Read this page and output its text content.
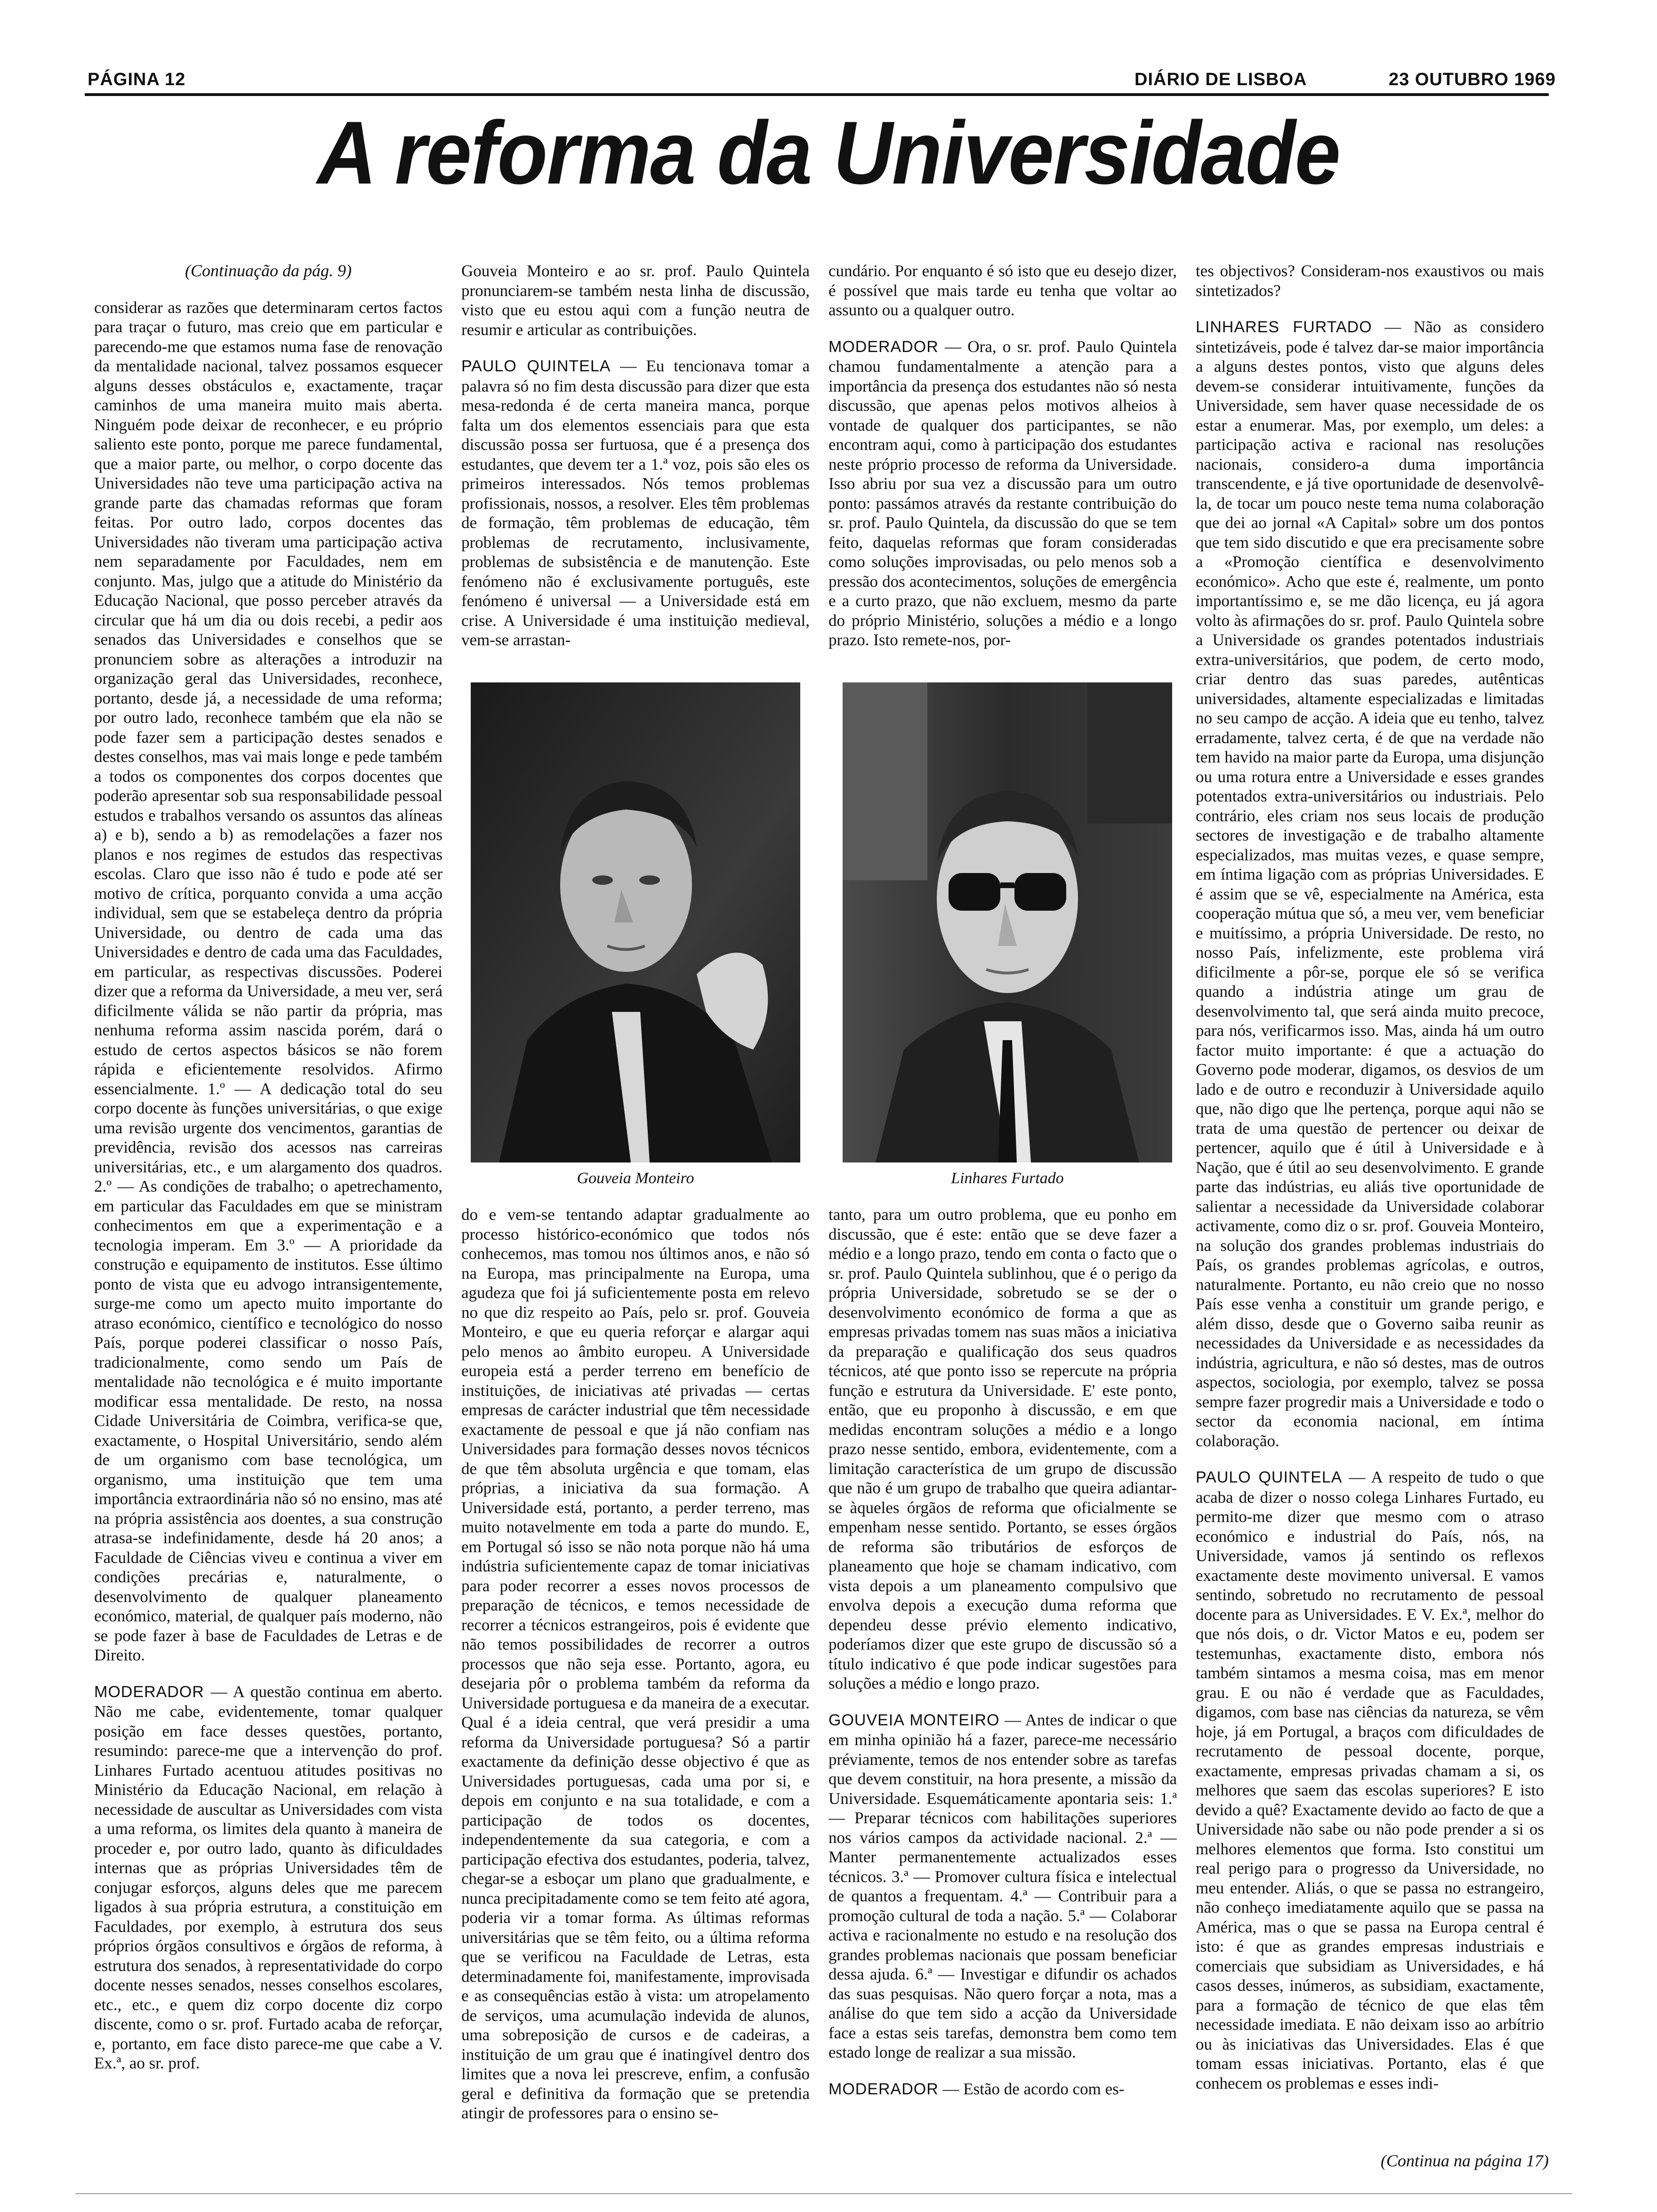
PÁGINA 12	DIÁRIO DE LISBOA	23 OUTUBRO 1969
A reforma da Universidade

(Continuação da pág. 9)

considerar as razões que determinaram certos factos para traçar o futuro, mas creio que em particular e parecendo-me que estamos numa fase de renovação da mentalidade nacional, talvez possamos esquecer alguns desses obstáculos e, exactamente, traçar caminhos de uma maneira muito mais aberta. Ninguém pode deixar de reconhecer, e eu próprio saliento este ponto, porque me parece fundamental, que a maior parte, ou melhor, o corpo docente das Universidades não teve uma participação activa na grande parte das chamadas reformas que foram feitas. Por outro lado, corpos docentes das Universidades não tiveram uma participação activa nem separadamente por Faculdades, nem em conjunto. Mas, julgo que a atitude do Ministério da Educação Nacional, que posso perceber através da circular que há um dia ou dois recebi, a pedir aos senados das Universidades e conselhos que se pronunciem sobre as alterações a introduzir na organização geral das Universidades, reconhece, portanto, desde já, a necessidade de uma reforma; por outro lado, reconhece também que ela não se pode fazer sem a participação destes senados e destes conselhos, mas vai mais longe e pede também a todos os componentes dos corpos docentes que poderão apresentar sob sua responsabilidade pessoal estudos e trabalhos versando os assuntos das alíneas a) e b), sendo a b) as remodelações a fazer nos planos e nos regimes de estudos das respectivas escolas. Claro que isso não é tudo e pode até ser motivo de crítica, porquanto convida a uma acção individual, sem que se estabeleça dentro da própria Universidade, ou dentro de cada uma das Universidades e dentro de cada uma das Faculdades, em particular, as respectivas discussões. Poderei dizer que a reforma da Universidade, a meu ver, será dificilmente válida se não partir da própria, mas nenhuma reforma assim nascida porém, dará o estudo de certos aspectos básicos se não forem rápida e eficientemente resolvidos. Afirmo essencialmente. 1.º — A dedicação total do seu corpo docente às funções universitárias, o que exige uma revisão urgente dos vencimentos, garantias de previdência, revisão dos acessos nas carreiras universitárias, etc., e um alargamento dos quadros. 2.º — As condições de trabalho; o apetrechamento, em particular das Faculdades em que se ministram conhecimentos em que a experimentação e a tecnologia imperam. Em 3.º — A prioridade da construção e equipamento de institutos. Esse último ponto de vista que eu advogo intransigentemente, surge-me como um apecto muito importante do atraso económico, científico e tecnológico do nosso País, porque poderei classificar o nosso País, tradicionalmente, como sendo um País de mentalidade não tecnológica e é muito importante modificar essa mentalidade. De resto, na nossa Cidade Universitária de Coimbra, verifica-se que, exactamente, o Hospital Universitário, sendo além de um organismo com base tecnológica, um organismo, uma instituição que tem uma importância extraordinária não só no ensino, mas até na própria assistência aos doentes, a sua construção atrasa-se indefinidamente, desde há 20 anos; a Faculdade de Ciências viveu e continua a viver em condições precárias e, naturalmente, o desenvolvimento de qualquer planeamento económico, material, de qualquer país moderno, não se pode fazer à base de Faculdades de Letras e de Direito.

MODERADOR — A questão continua em aberto. Não me cabe, evidentemente, tomar qualquer posição em face desses questões, portanto, resumindo: parece-me que a intervenção do prof. Linhares Furtado acentuou atitudes positivas no Ministério da Educação Nacional, em relação à necessidade de auscultar as Universidades com vista a uma reforma, os limites dela quanto à maneira de proceder e, por outro lado, quanto às dificuldades internas que as próprias Universidades têm de conjugar esforços, alguns deles que me parecem ligados à sua própria estrutura, a constituição em Faculdades, por exemplo, à estrutura dos seus próprios órgãos consultivos e órgãos de reforma, à estrutura dos senados, à representatividade do corpo docente nesses senados, nesses conselhos escolares, etc., etc., e quem diz corpo docente diz corpo discente, como o sr. prof. Furtado acaba de reforçar, e, portanto, em face disto parece-me que cabe a V. Ex.ª, ao sr. prof.

Gouveia Monteiro e ao sr. prof. Paulo Quintela pronunciarem-se também nesta linha de discussão, visto que eu estou aqui com a função neutra de resumir e articular as contribuições.

PAULO QUINTELA — Eu tencionava tomar a palavra só no fim desta discussão para dizer que esta mesa-redonda é de certa maneira manca, porque falta um dos elementos essenciais para que esta discussão possa ser furtuosa, que é a presença dos estudantes, que devem ter a 1.ª voz, pois são eles os primeiros interessados. Nós temos problemas profissionais, nossos, a resolver. Eles têm problemas de formação, têm problemas de educação, têm problemas de recrutamento, inclusivamente, problemas de subsistência e de manutenção. Este fenómeno não é exclusivamente português, este fenómeno é universal — a Universidade está em crise. A Universidade é uma instituição medieval, vem-se arrastan-

cundário. Por enquanto é só isto que eu desejo dizer, é possível que mais tarde eu tenha que voltar ao assunto ou a qualquer outro.

MODERADOR — Ora, o sr. prof. Paulo Quintela chamou fundamentalmente a atenção para a importância da presença dos estudantes não só nesta discussão, que apenas pelos motivos alheios à vontade de qualquer dos participantes, se não encontram aqui, como à participação dos estudantes neste próprio processo de reforma da Universidade. Isso abriu por sua vez a discussão para um outro ponto: passámos através da restante contribuição do sr. prof. Paulo Quintela, da discussão do que se tem feito, daquelas reformas que foram consideradas como soluções improvisadas, ou pelo menos sob a pressão dos acontecimentos, soluções de emergência e a curto prazo, que não excluem, mesmo da parte do próprio Ministério, soluções a médio e a longo prazo. Isto remete-nos, por-

Gouveia Monteiro	Linhares Furtado

do e vem-se tentando adaptar gradualmente ao processo histórico-económico que todos nós conhecemos, mas tomou nos últimos anos, e não só na Europa, mas principalmente na Europa, uma agudeza que foi já suficientemente posta em relevo no que diz respeito ao País, pelo sr. prof. Gouveia Monteiro, e que eu queria reforçar e alargar aqui pelo menos ao âmbito europeu. A Universidade europeia está a perder terreno em benefício de instituições, de iniciativas até privadas — certas empresas de carácter industrial que têm necessidade exactamente de pessoal e que já não confiam nas Universidades para formação desses novos técnicos de que têm absoluta urgência e que tomam, elas próprias, a iniciativa da sua formação. A Universidade está, portanto, a perder terreno, mas muito notavelmente em toda a parte do mundo. E, em Portugal só isso se não nota porque não há uma indústria suficientemente capaz de tomar iniciativas para poder recorrer a esses novos processos de preparação de técnicos, e temos necessidade de recorrer a técnicos estrangeiros, pois é evidente que não temos possibilidades de recorrer a outros processos que não seja esse. Portanto, agora, eu desejaria pôr o problema também da reforma da Universidade portuguesa e da maneira de a executar. Qual é a ideia central, que verá presidir a uma reforma da Universidade portuguesa? Só a partir exactamente da definição desse objectivo é que as Universidades portuguesas, cada uma por si, e depois em conjunto e na sua totalidade, e com a participação de todos os docentes, independentemente da sua categoria, e com a participação efectiva dos estudantes, poderia, talvez, chegar-se a esboçar um plano que gradualmente, e nunca precipitadamente como se tem feito até agora, poderia vir a tomar forma. As últimas reformas universitárias que se têm feito, ou a última reforma que se verificou na Faculdade de Letras, esta determinadamente foi, manifestamente, improvisada e as consequências estão à vista: um atropelamento de serviços, uma acumulação indevida de alunos, uma sobreposição de cursos e de cadeiras, a instituição de um grau que é inatingível dentro dos limites que a nova lei prescreve, enfim, a confusão geral e definitiva da formação que se pretendia atingir de professores para o ensino se-

tanto, para um outro problema, que eu ponho em discussão, que é este: então que se deve fazer a médio e a longo prazo, tendo em conta o facto que o sr. prof. Paulo Quintela sublinhou, que é o perigo da própria Universidade, sobretudo se se der o desenvolvimento económico de forma a que as empresas privadas tomem nas suas mãos a iniciativa da preparação e qualificação dos seus quadros técnicos, até que ponto isso se repercute na própria função e estrutura da Universidade. E' este ponto, então, que eu proponho à discussão, e em que medidas encontram soluções a médio e a longo prazo nesse sentido, embora, evidentemente, com a limitação característica de um grupo de discussão que não é um grupo de trabalho que queira adiantar-se àqueles órgãos de reforma que oficialmente se empenham nesse sentido. Portanto, se esses órgãos de reforma são tributários de esforços de planeamento que hoje se chamam indicativo, com vista depois a um planeamento compulsivo que envolva depois a execução duma reforma que dependeu desse prévio elemento indicativo, poderíamos dizer que este grupo de discussão só a título indicativo é que pode indicar sugestões para soluções a médio e longo prazo.

GOUVEIA MONTEIRO — Antes de indicar o que em minha opinião há a fazer, parece-me necessário préviamente, temos de nos entender sobre as tarefas que devem constituir, na hora presente, a missão da Universidade. Esquemáticamente apontaria seis: 1.ª — Preparar técnicos com habilitações superiores nos vários campos da actividade nacional. 2.ª — Manter permanentemente actualizados esses técnicos. 3.ª — Promover cultura física e intelectual de quantos a frequentam. 4.ª — Contribuir para a promoção cultural de toda a nação. 5.ª — Colaborar activa e racionalmente no estudo e na resolução dos grandes problemas nacionais que possam beneficiar dessa ajuda. 6.ª — Investigar e difundir os achados das suas pesquisas. Não quero forçar a nota, mas a análise do que tem sido a acção da Universidade face a estas seis tarefas, demonstra bem como tem estado longe de realizar a sua missão.

MODERADOR — Estão de acordo com es-

tes objectivos? Consideram-nos exaustivos ou mais sintetizados?

LINHARES FURTADO — Não as considero sintetizáveis, pode é talvez dar-se maior importância a alguns destes pontos, visto que alguns deles devem-se considerar intuitivamente, funções da Universidade, sem haver quase necessidade de os estar a enumerar. Mas, por exemplo, um deles: a participação activa e racional nas resoluções nacionais, considero-a duma importância transcendente, e já tive oportunidade de desenvolvê-la, de tocar um pouco neste tema numa colaboração que dei ao jornal «A Capital» sobre um dos pontos que tem sido discutido e que era precisamente sobre a «Promoção científica e desenvolvimento económico». Acho que este é, realmente, um ponto importantíssimo e, se me dão licença, eu já agora volto às afirmações do sr. prof. Paulo Quintela sobre a Universidade os grandes potentados industriais extra-universitários, que podem, de certo modo, criar dentro das suas paredes, autênticas universidades, altamente especializadas e limitadas no seu campo de acção. A ideia que eu tenho, talvez erradamente, talvez certa, é de que na verdade não tem havido na maior parte da Europa, uma disjunção ou uma rotura entre a Universidade e esses grandes potentados extra-universitários ou industriais. Pelo contrário, eles criam nos seus locais de produção sectores de investigação e de trabalho altamente especializados, mas muitas vezes, e quase sempre, em íntima ligação com as próprias Universidades. E é assim que se vê, especialmente na América, esta cooperação mútua que só, a meu ver, vem beneficiar e muitíssimo, a própria Universidade. De resto, no nosso País, infelizmente, este problema virá dificilmente a pôr-se, porque ele só se verifica quando a indústria atinge um grau de desenvolvimento tal, que será ainda muito precoce, para nós, verificarmos isso. Mas, ainda há um outro factor muito importante: é que a actuação do Governo pode moderar, digamos, os desvios de um lado e de outro e reconduzir à Universidade aquilo que, não digo que lhe pertença, porque aqui não se trata de uma questão de pertencer ou deixar de pertencer, aquilo que é útil à Universidade e à Nação, que é útil ao seu desenvolvimento. E grande parte das indústrias, eu aliás tive oportunidade de salientar a necessidade da Universidade colaborar activamente, como diz o sr. prof. Gouveia Monteiro, na solução dos grandes problemas industriais do País, os grandes problemas agrícolas, e outros, naturalmente. Portanto, eu não creio que no nosso País esse venha a constituir um grande perigo, e além disso, desde que o Governo saiba reunir as necessidades da Universidade e as necessidades da indústria, agricultura, e não só destes, mas de outros aspectos, sociologia, por exemplo, talvez se possa sempre fazer progredir mais a Universidade e todo o sector da economia nacional, em íntima colaboração.

PAULO QUINTELA — A respeito de tudo o que acaba de dizer o nosso colega Linhares Furtado, eu permito-me dizer que mesmo com o atraso económico e industrial do País, nós, na Universidade, vamos já sentindo os reflexos exactamente deste movimento universal. E vamos sentindo, sobretudo no recrutamento de pessoal docente para as Universidades. E V. Ex.ª, melhor do que nós dois, o dr. Victor Matos e eu, podem ser testemunhas, exactamente disto, embora nós também sintamos a mesma coisa, mas em menor grau. E ou não é verdade que as Faculdades, digamos, com base nas ciências da natureza, se vêm hoje, já em Portugal, a braços com dificuldades de recrutamento de pessoal docente, porque, exactamente, empresas privadas chamam a si, os melhores que saem das escolas superiores? E isto devido a quê? Exactamente devido ao facto de que a Universidade não sabe ou não pode prender a si os melhores elementos que forma. Isto constitui um real perigo para o progresso da Universidade, no meu entender. Aliás, o que se passa no estrangeiro, não conheço imediatamente aquilo que se passa na América, mas o que se passa na Europa central é isto: é que as grandes empresas industriais e comerciais que subsidiam as Universidades, e há casos desses, inúmeros, as subsidiam, exactamente, para a formação de técnico de que elas têm necessidade imediata. E não deixam isso ao arbítrio ou às iniciativas das Universidades. Elas é que tomam essas iniciativas. Portanto, elas é que conhecem os problemas e esses indi-

(Continua na página 17)
